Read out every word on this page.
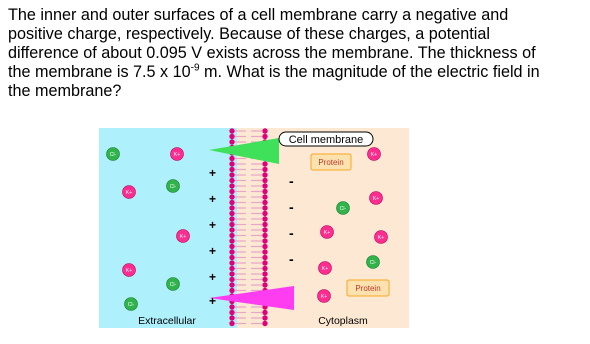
The inner and outer surfaces of a cell membrane carry a negative and

positive charge, respectively. Because of these charges, a potential

difference of about 0.095 V exists across the membrane. The thickness of

the membrane is 7.5 x $10^{-9}$ m. What is the magnitude of the electric field in

the membrane?

+
+
+
+
+
+
-
-
-
-
Cell membrane
Protein
Protein
Cl-	K+
Cl-
K+
K+
K+
Cl-
Cl-
K+
Cl-
K+
K+
K+
Cl-
K+
K+
Extracellular	Cytoplasm
